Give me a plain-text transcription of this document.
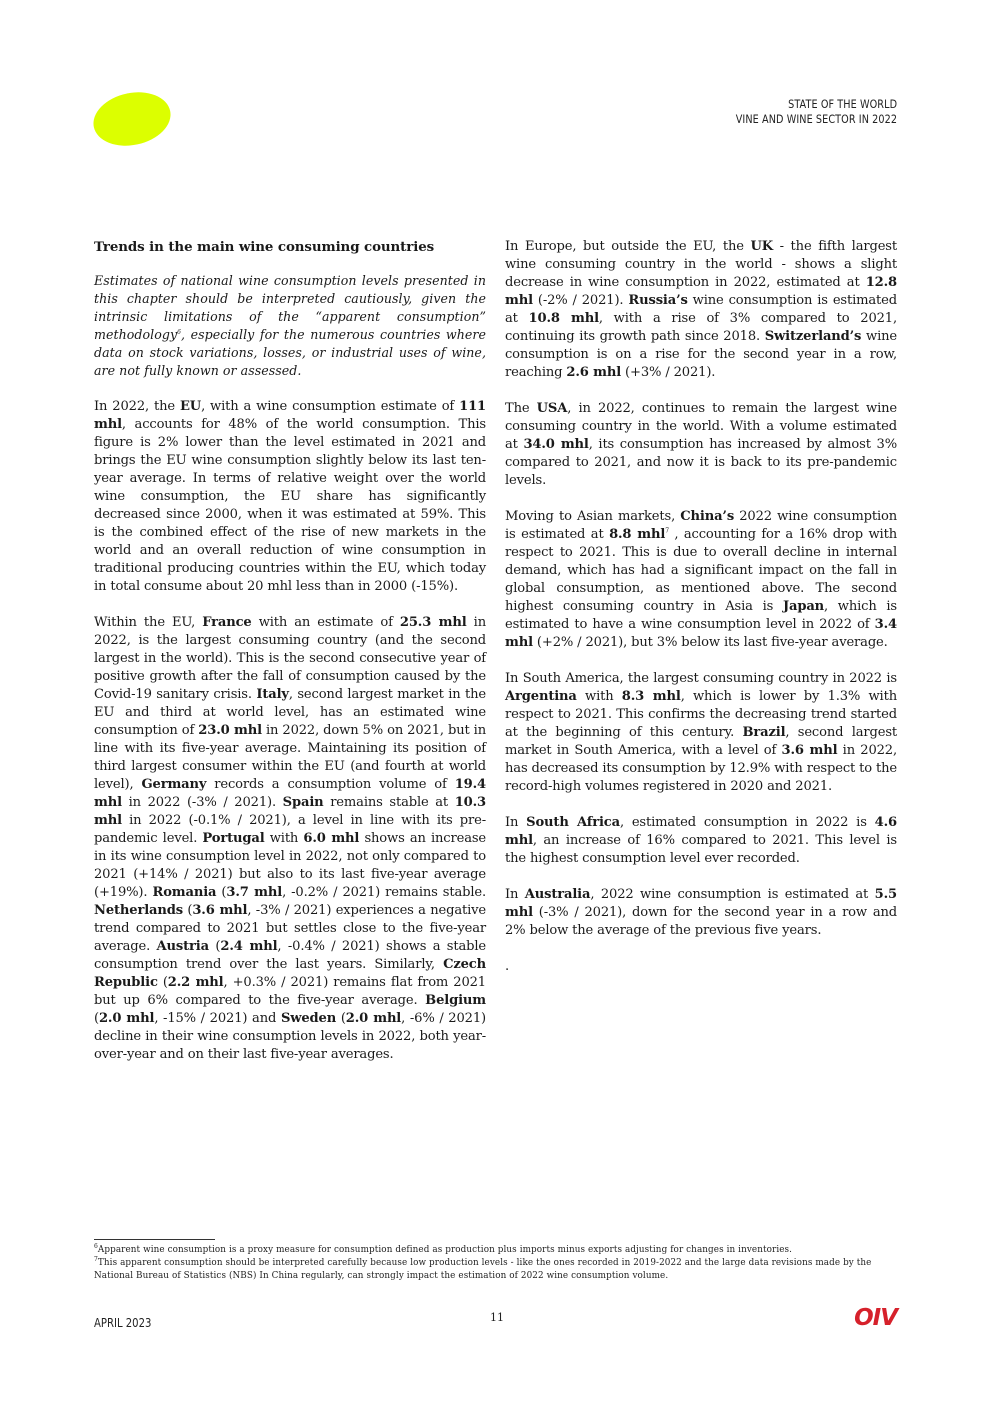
STATE OF THE WORLD
VINE AND WINE SECTOR IN 2022
Trends in the main wine consuming countries

Estimates of national wine consumption levels presented in this chapter should be interpreted cautiously, given the intrinsic limitations of the “apparent consumption” methodology$^6$, especially for the numerous countries where data on stock variations, losses, or industrial uses of wine, are not fully known or assessed.

In 2022, the EU, with a wine consumption estimate of 111 mhl, accounts for 48% of the world consumption. This figure is 2% lower than the level estimated in 2021 and brings the EU wine consumption slightly below its last ten-year average. In terms of relative weight over the world wine consumption, the EU share has significantly decreased since 2000, when it was estimated at 59%. This is the combined effect of the rise of new markets in the world and an overall reduction of wine consumption in traditional producing countries within the EU, which today in total consume about 20 mhl less than in 2000 (-15%).

Within the EU, France with an estimate of 25.3 mhl in 2022, is the largest consuming country (and the second largest in the world). This is the second consecutive year of positive growth after the fall of consumption caused by the Covid-19 sanitary crisis. Italy, second largest market in the EU and third at world level, has an estimated wine consumption of 23.0 mhl in 2022, down 5% on 2021, but in line with its five-year average. Maintaining its position of third largest consumer within the EU (and fourth at world level), Germany records a consumption volume of 19.4 mhl in 2022 (-3% / 2021). Spain remains stable at 10.3 mhl in 2022 (-0.1% / 2021), a level in line with its pre-pandemic level. Portugal with 6.0 mhl shows an increase in its wine consumption level in 2022, not only compared to 2021 (+14% / 2021) but also to its last five-year average (+19%). Romania (3.7 mhl, -0.2% / 2021) remains stable. Netherlands (3.6 mhl, -3% / 2021) experiences a negative trend compared to 2021 but settles close to the five-year average. Austria (2.4 mhl, -0.4% / 2021) shows a stable consumption trend over the last years. Similarly, Czech Republic (2.2 mhl, +0.3% / 2021) remains flat from 2021 but up 6% compared to the five-year average. Belgium (2.0 mhl, -15% / 2021) and Sweden (2.0 mhl, -6% / 2021) decline in their wine consumption levels in 2022, both year-over-year and on their last five-year averages.

In Europe, but outside the EU, the UK - the fifth largest wine consuming country in the world - shows a slight decrease in wine consumption in 2022, estimated at 12.8 mhl (-2% / 2021). Russia’s wine consumption is estimated at 10.8 mhl, with a rise of 3% compared to 2021, continuing its growth path since 2018. Switzerland’s wine consumption is on a rise for the second year in a row, reaching 2.6 mhl (+3% / 2021).

The USA, in 2022, continues to remain the largest wine consuming country in the world. With a volume estimated at 34.0 mhl, its consumption has increased by almost 3% compared to 2021, and now it is back to its pre-pandemic levels.

Moving to Asian markets, China’s 2022 wine consumption is estimated at 8.8 mhl$^7$ , accounting for a 16% drop with respect to 2021. This is due to overall decline in internal demand, which has had a significant impact on the fall in global consumption, as mentioned above. The second highest consuming country in Asia is Japan, which is estimated to have a wine consumption level in 2022 of 3.4 mhl (+2% / 2021), but 3% below its last five-year average.

In South America, the largest consuming country in 2022 is Argentina with 8.3 mhl, which is lower by 1.3% with respect to 2021. This confirms the decreasing trend started at the beginning of this century. Brazil, second largest market in South America, with a level of 3.6 mhl in 2022, has decreased its consumption by 12.9% with respect to the record-high volumes registered in 2020 and 2021.

In South Africa, estimated consumption in 2022 is 4.6 mhl, an increase of 16% compared to 2021. This level is the highest consumption level ever recorded.

In Australia, 2022 wine consumption is estimated at 5.5 mhl (-3% / 2021), down for the second year in a row and 2% below the average of the previous five years.

.

$^6$Apparent wine consumption is a proxy measure for consumption defined as production plus imports minus exports adjusting for changes in inventories.

$^7$This apparent consumption should be interpreted carefully because low production levels - like the ones recorded in 2019-2022 and the large data revisions made by the National Bureau of Statistics (NBS) In China regularly, can strongly impact the estimation of 2022 wine consumption volume.

APRIL 2023	11	OIV
